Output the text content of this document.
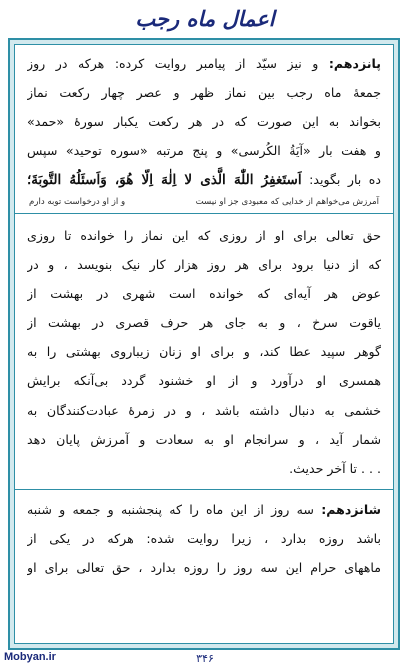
اعمال ماه رجب
پانزدهم: و نیز سیّد از پیامبر روایت کرده: هرکه در روز
جمعهٔ ماه رجب بین نماز ظهر و عصر چهار رکعت نماز
بخواند به این صورت که در هر رکعت یکبار سورهٔ «حمد»
و هفت بار «آیَةُ الكُرسى» و پنج مرتبه «سوره توحید» سپس
ده بار بگوید: اَستَغفِرُ اللّٰهَ الَّذى لا اِلٰهَ اِلّا هُوَ، وَاَسئَلُهُ التَّوبَةَ؛
آمرزش می‌خواهم از خدایی که معبودی جز او نیست
و از او درخواست توبه دارم
حق تعالی برای او از روزی که این نماز را خوانده تا روزی
که از دنیا برود برای هر روز هزار کار نیک بنویسد ، و در
عوض هر آیه‌ای که خوانده است شهری در بهشت از
یاقوت سرخ ، و به جای هر حرف قصری در بهشت از
گوهر سپید عطا کند، و برای او زنان زیباروی بهشتی را به
همسری او درآورد و از او خشنود گردد بی‌آنکه برایش
خشمی به دنبال داشته باشد ، و در زمرهٔ عبادت‌کنندگان به
شمار آید ، و سرانجام او به سعادت و آمرزش پایان دهد
. . . تا آخر حدیث.
شانزدهم: سه روز از این ماه را که پنجشنبه و جمعه و شنبه
باشد روزه بدارد ، زیرا روایت شده: هرکه در یکی از
ماههای حرام این سه روز را روزه بدارد ، حق تعالی برای او
Mobyan.ir	۳۴۶
